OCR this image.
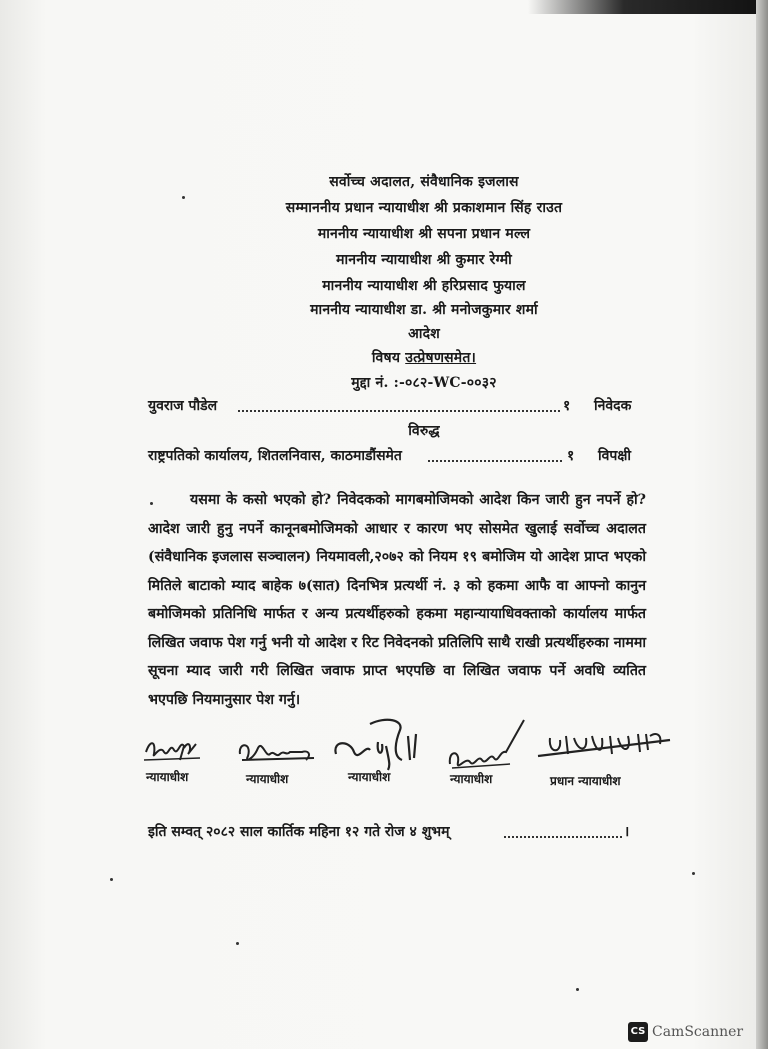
सर्वोच्च अदालत, संवैधानिक इजलास
सम्माननीय प्रधान न्यायाधीश श्री प्रकाशमान सिंह राउत
माननीय न्यायाधीश श्री सपना प्रधान मल्ल
माननीय न्यायाधीश श्री कुमार रेग्मी
माननीय न्यायाधीश श्री हरिप्रसाद फुयाल
माननीय न्यायाधीश डा. श्री मनोजकुमार शर्मा
आदेश
विषय उत्प्रेषणसमेत।
मुद्दा नं. :-०८२-WC-००३२
युवराज पौडेल	१ निवेदक
विरुद्ध
राष्ट्रपतिको कार्यालय, शितलनिवास, काठमाडौंसमेत	१ विपक्षी

यसमा के कसो भएको हो? निवेदकको मागबमोजिमको आदेश किन जारी हुन नपर्ने हो? आदेश जारी हुनु नपर्ने कानूनबमोजिमको आधार र कारण भए सोसमेत खुलाई सर्वोच्च अदालत (संवैधानिक इजलास सञ्चालन) नियमावली,२०७२ को नियम १९ बमोजिम यो आदेश प्राप्त भएको मितिले बाटाको म्याद बाहेक ७(सात) दिनभित्र प्रत्यर्थी नं. ३ को हकमा आफै वा आफ्नो कानुन बमोजिमको प्रतिनिधि मार्फत र अन्य प्रत्यर्थीहरुको हकमा महान्यायाधिवक्ताको कार्यालय मार्फत लिखित जवाफ पेश गर्नु भनी यो आदेश र रिट निवेदनको प्रतिलिपि साथै राखी प्रत्यर्थीहरुका नाममा सूचना म्याद जारी गरी लिखित जवाफ प्राप्त भएपछि वा लिखित जवाफ पर्ने अवधि व्यतित भएपछि नियमानुसार पेश गर्नु।

न्यायाधीश	न्यायाधीश	न्यायाधीश	न्यायाधीश	प्रधान न्यायाधीश
इति सम्वत् २०८२ साल कार्तिक महिना १२ गते रोज ४ शुभम्	।
CS CamScanner
